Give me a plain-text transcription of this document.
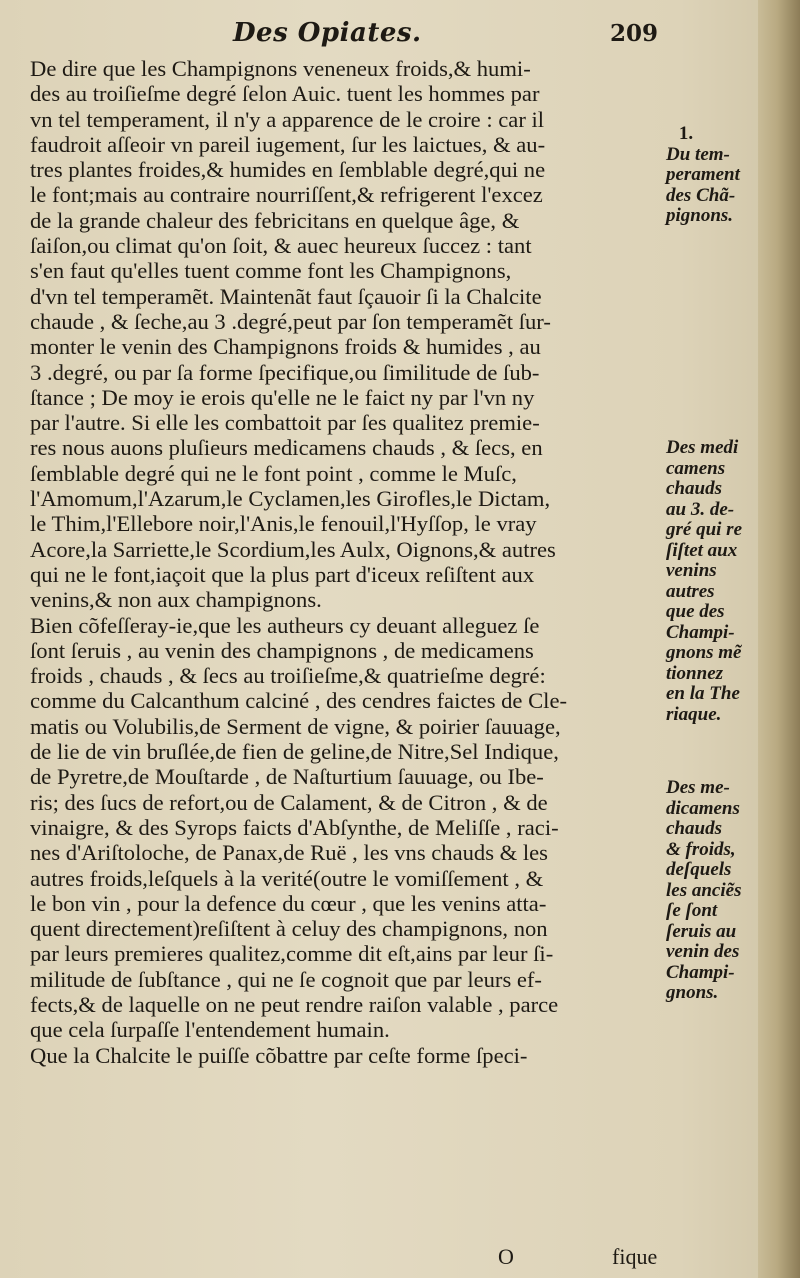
Des Opiates.	209
De dire que les Champignons veneneux froids,& humi-
des au troiſieſme degré ſelon Auic. tuent les hommes par
vn tel temperament, il n'y a apparence de le croire : car il
faudroit aſſeoir vn pareil iugement, ſur les laictues, & au-
tres plantes froides,& humides en ſemblable degré,qui ne
le font;mais au contraire nourriſſent,& refrigerent l'excez
de la grande chaleur des febricitans en quelque âge, &
ſaiſon,ou climat qu'on ſoit, & auec heureux ſuccez : tant
s'en faut qu'elles tuent comme font les Champignons,
d'vn tel temperamẽt. Maintenãt faut ſçauoir ſi la Chalcite
chaude , & ſeche,au 3 .degré,peut par ſon temperamẽt ſur-
monter le venin des Champignons froids & humides , au
3 .degré, ou par ſa forme ſpecifique,ou ſimilitude de ſub-
ſtance ; De moy ie erois qu'elle ne le faict ny par l'vn ny
par l'autre. Si elle les combattoit par ſes qualitez premie-
res nous auons pluſieurs medicamens chauds , & ſecs, en
ſemblable degré qui ne le font point , comme le Muſc,
l'Amomum,l'Azarum,le Cyclamen,les Girofles,le Dictam,
le Thim,l'Ellebore noir,l'Anis,le fenouil,l'Hyſſop, le vray
Acore,la Sarriette,le Scordium,les Aulx, Oignons,& autres
qui ne le font,iaçoit que la plus part d'iceux reſiſtent aux
venins,& non aux champignons.
Bien cõfeſſeray-ie,que les autheurs cy deuant alleguez ſe
ſont ſeruis , au venin des champignons , de medicamens
froids , chauds , & ſecs au troiſieſme,& quatrieſme degré:
comme du Calcanthum calciné , des cendres faictes de Cle-
matis ou Volubilis,de Serment de vigne, & poirier ſauuage,
de lie de vin bruſlée,de fien de geline,de Nitre,Sel Indique,
de Pyretre,de Mouſtarde , de Naſturtium ſauuage, ou Ibe-
ris; des ſucs de refort,ou de Calament, & de Citron , & de
vinaigre, & des Syrops faicts d'Abſynthe, de Meliſſe , raci-
nes d'Ariſtoloche, de Panax,de Ruë , les vns chauds & les
autres froids,leſquels à la verité(outre le vomiſſement , &
le bon vin , pour la defence du cœur , que les venins atta-
quent directement)reſiſtent à celuy des champignons, non
par leurs premieres qualitez,comme dit eſt,ains par leur ſi-
militude de ſubſtance , qui ne ſe cognoit que par leurs ef-
fects,& de laquelle on ne peut rendre raiſon valable , parce
que cela ſurpaſſe l'entendement humain.
Que la Chalcite le puiſſe cõbattre par ceſte forme ſpeci-
1.
Du tem-
perament
des Chã-
pignons.
Des medi
camens
chauds
au 3. de-
gré qui re
ſiſtet aux
venins
autres
que des
Champi-
gnons mẽ
tionnez
en la The
riaque.
Des me-
dicamens
chauds
& froids,
deſquels
les anciẽs
ſe ſont
ſeruis au
venin des
Champi-
gnons.
O	fique
